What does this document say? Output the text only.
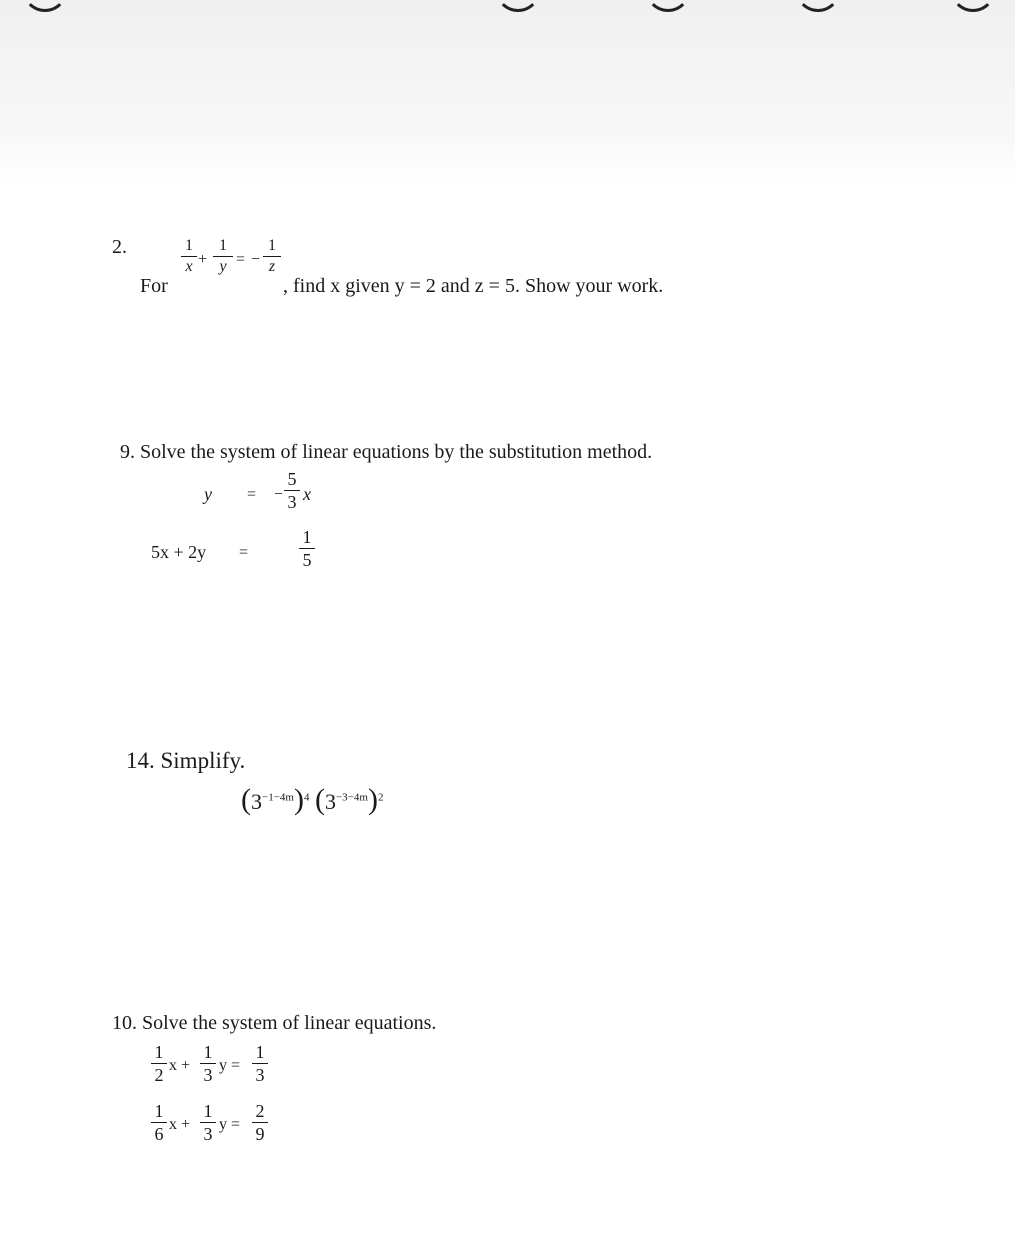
2.
For
1
x +
1
y = −
1
z
, find x given y = 2 and z = 5. Show your work.
9. Solve the system of linear equations by the substitution method.
y = −
5
3 x
5x + 2y =
1
5
14. Simplify.
$(3^{-1-4m})^4$ $(3^{-3-4m})^2$
10. Solve the system of linear equations.
1
2 x +
1
3 y =
1
3
1
6 x +
1
3 y =
2
9
